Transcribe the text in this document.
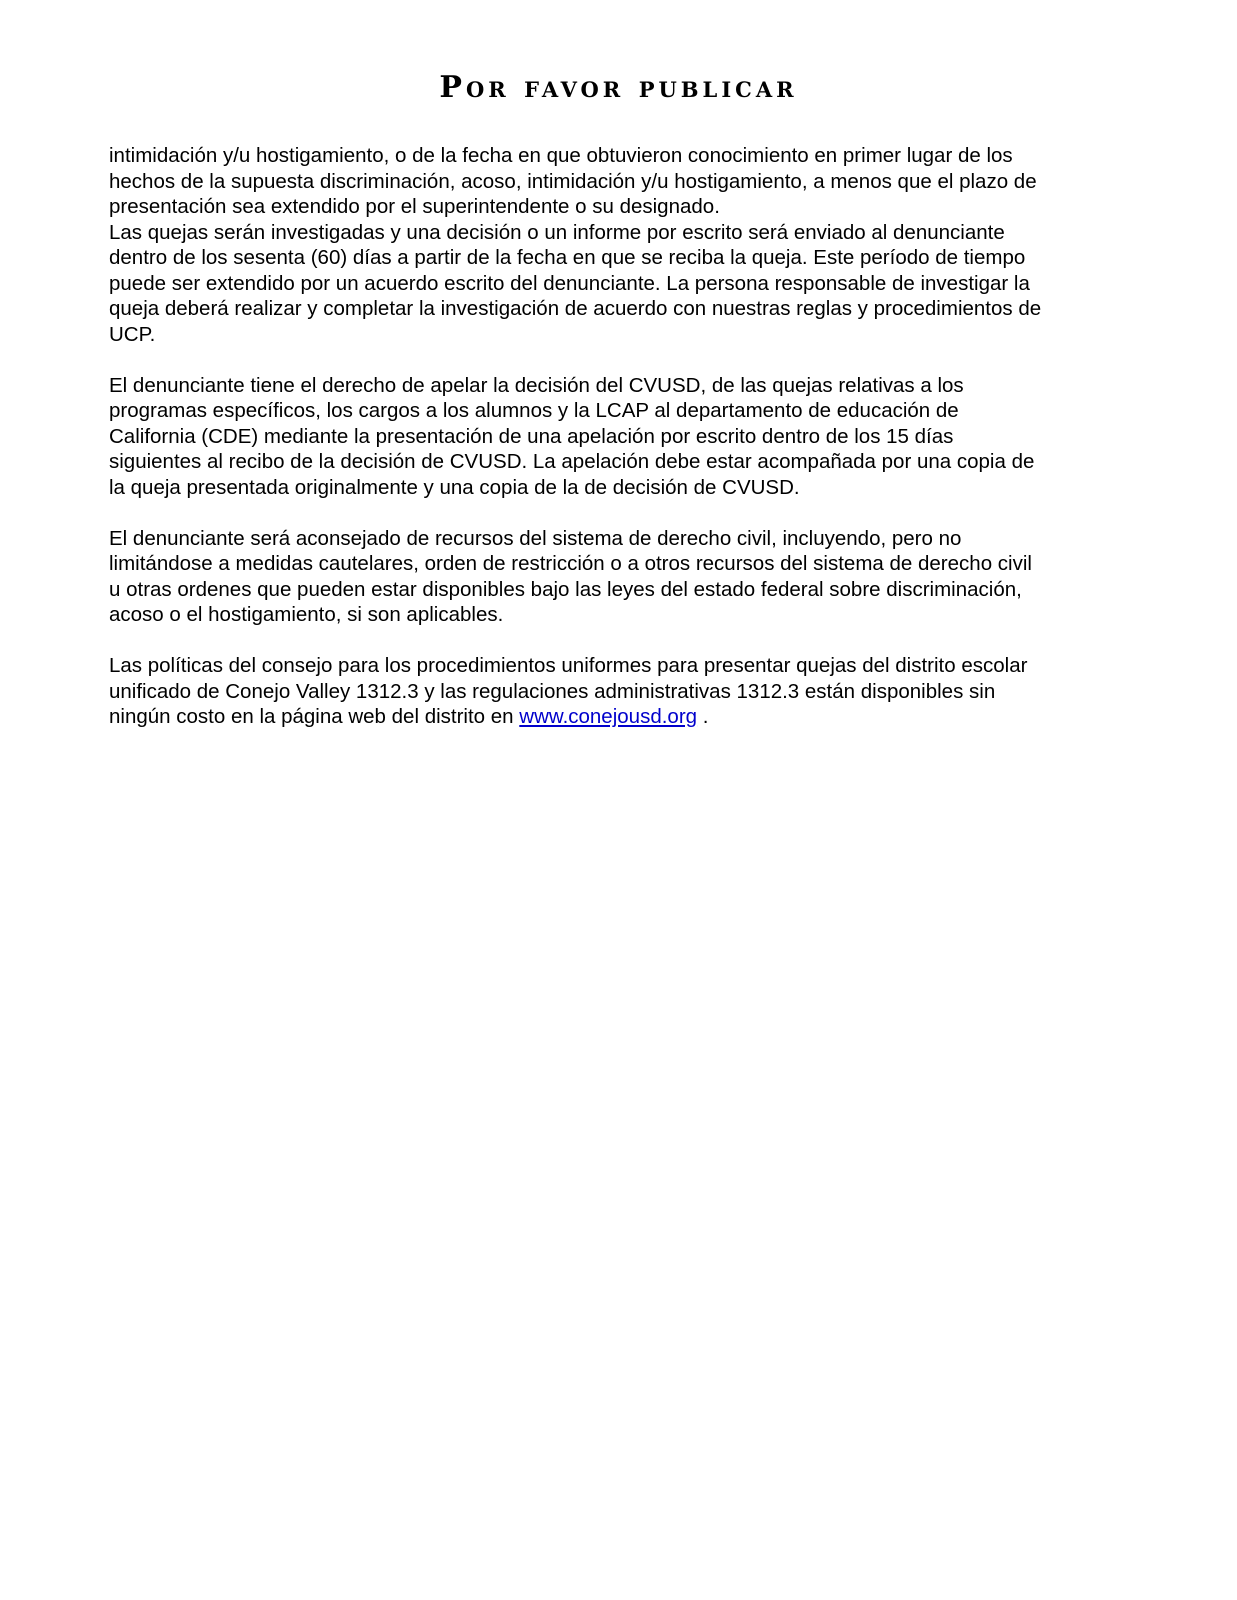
Por favor publicar

intimidación y/u hostigamiento, o de la fecha en que obtuvieron conocimiento en primer lugar de los
hechos de la supuesta discriminación, acoso, intimidación y/u hostigamiento, a menos que el plazo de
presentación sea extendido por el superintendente o su designado.

Las quejas serán investigadas y una decisión o un informe por escrito será enviado al denunciante
dentro de los sesenta (60) días a partir de la fecha en que se reciba la queja. Este período de tiempo
puede ser extendido por un acuerdo escrito del denunciante. La persona responsable de investigar la
queja deberá realizar y completar la investigación de acuerdo con nuestras reglas y procedimientos de
UCP.

El denunciante tiene el derecho de apelar la decisión del CVUSD, de las quejas relativas a los
programas específicos, los cargos a los alumnos y la LCAP al departamento de educación de
California (CDE) mediante la presentación de una apelación por escrito dentro de los 15 días
siguientes al recibo de la decisión de CVUSD. La apelación debe estar acompañada por una copia de
la queja presentada originalmente y una copia de la de decisión de CVUSD.

El denunciante será aconsejado de recursos del sistema de derecho civil, incluyendo, pero no
limitándose a medidas cautelares, orden de restricción o a otros recursos del sistema de derecho civil
u otras ordenes que pueden estar disponibles bajo las leyes del estado federal sobre discriminación,
acoso o el hostigamiento, si son aplicables.

Las políticas del consejo para los procedimientos uniformes para presentar quejas del distrito escolar
unificado de Conejo Valley 1312.3 y las regulaciones administrativas 1312.3 están disponibles sin
ningún costo en la página web del distrito en www.conejousd.org .
